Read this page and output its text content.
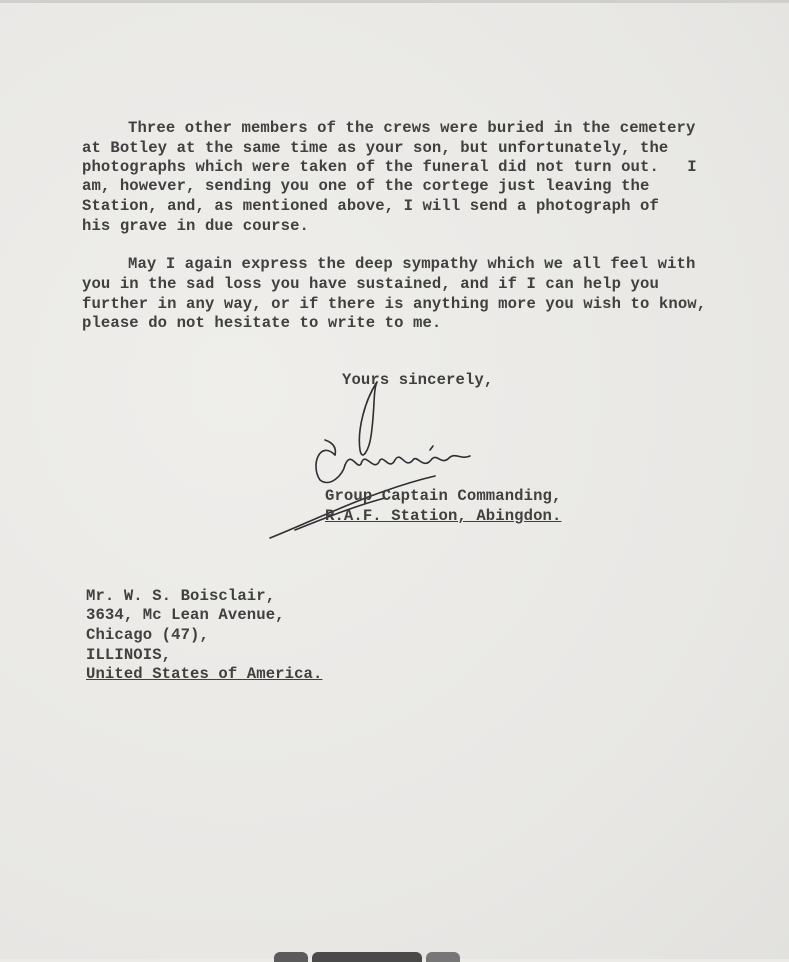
Three other members of the crews were buried in the cemetery
at Botley at the same time as your son, but unfortunately, the
photographs which were taken of the funeral did not turn out.   I
am, however, sending you one of the cortege just leaving the
Station, and, as mentioned above, I will send a photograph of
his grave in due course.
May I again express the deep sympathy which we all feel with
you in the sad loss you have sustained, and if I can help you
further in any way, or if there is anything more you wish to know,
please do not hesitate to write to me.
Yours sincerely,
Group Captain Commanding,
R.A.F. Station, Abingdon.
Mr. W. S. Boisclair,
3634, Mc Lean Avenue,
Chicago (47),
ILLINOIS,
United States of America.
